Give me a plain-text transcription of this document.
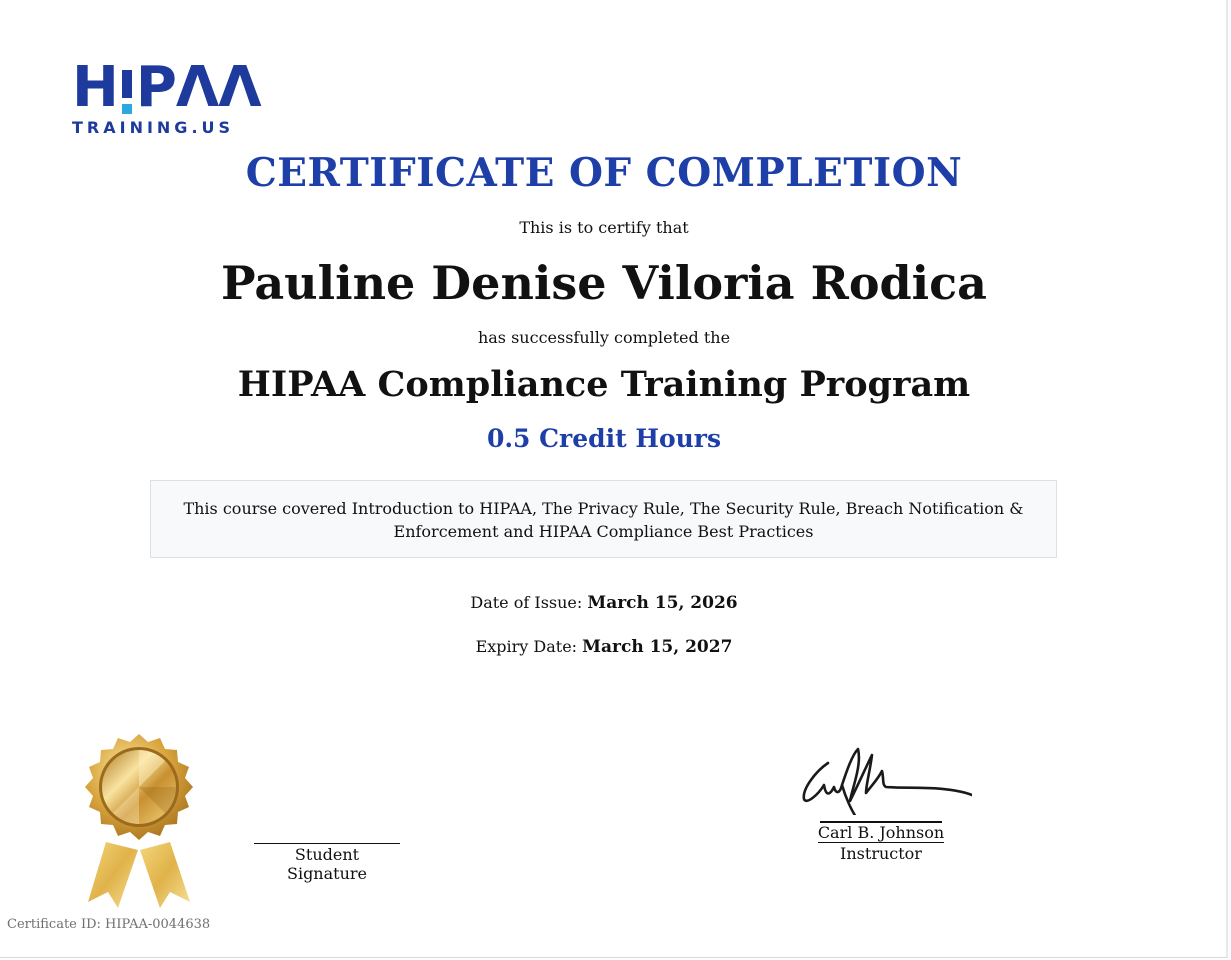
H PΛΛ
TRAINING.US
CERTIFICATE OF COMPLETION
This is to certify that
Pauline Denise Viloria Rodica
has successfully completed the
HIPAA Compliance Training Program
0.5 Credit Hours
This course covered Introduction to HIPAA, The Privacy Rule, The Security Rule, Breach Notification & Enforcement and HIPAA Compliance Best Practices
Date of Issue: March 15, 2026
Expiry Date: March 15, 2027
Student Signature
Carl B. Johnson
Instructor
Certificate ID: HIPAA-0044638
